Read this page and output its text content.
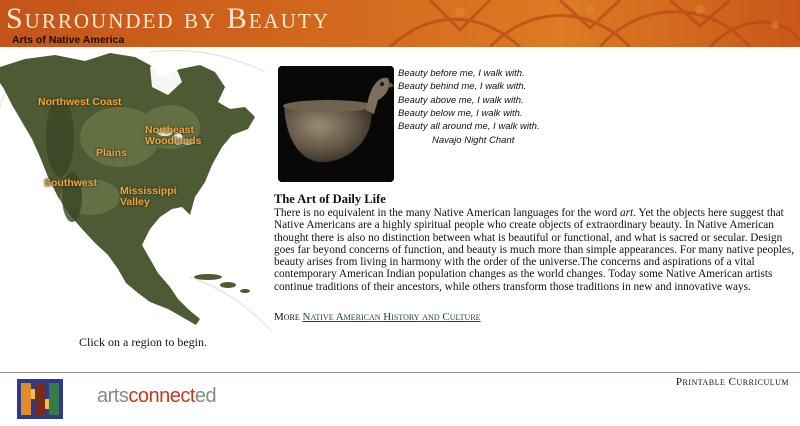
Surrounded by Beauty
Arts of Native America
Northwest Coast
Plains
Northeast Woodlands
Southwest
Mississippi Valley
Click on a region to begin.
Beauty before me, I walk with.
Beauty behind me, I walk with.
Beauty above me, I walk with.
Beauty below me, I walk with.
Beauty all around me, I walk with.
Navajo Night Chant
The Art of Daily Life
There is no equivalent in the many Native American languages for the word art. Yet the objects here suggest that Native Americans are a highly spiritual people who create objects of extraordinary beauty. In Native American thought there is also no distinction between what is beautiful or functional, and what is sacred or secular. Design goes far beyond concerns of function, and beauty is much more than simple appearances. For many native peoples, beauty arises from living in harmony with the order of the universe.The concerns and aspirations of a vital contemporary American Indian population changes as the world changes. Today some Native American artists continue traditions of their ancestors, while others transform those traditions in new and innovative ways.
More Native American History and Culture
artsconnected
Printable Curriculum
